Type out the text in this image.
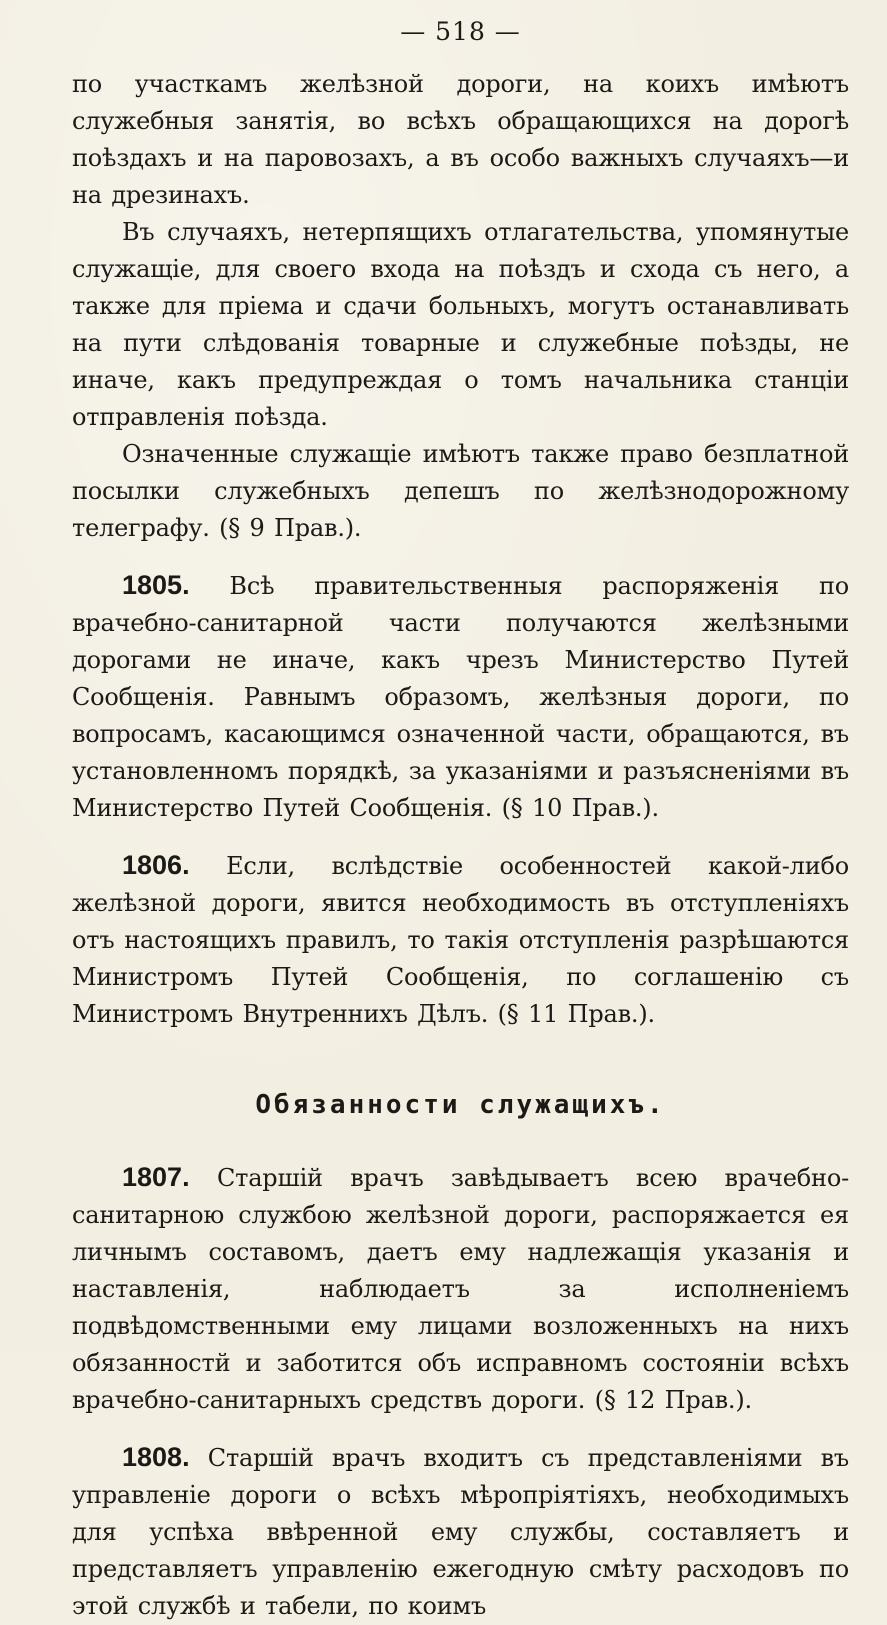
— 518 —

по участкамъ желѣзной дороги, на коихъ имѣютъ служебныя занятія, во всѣхъ обращающихся на дорогѣ поѣздахъ и на паровозахъ, а въ особо важныхъ случаяхъ—и на дрезинахъ.

Въ случаяхъ, нетерпящихъ отлагательства, упомянутые служащіе, для своего входа на поѣздъ и схода съ него, а также для пріема и сдачи больныхъ, могутъ останавливать на пути слѣдованія товарные и служебные поѣзды, не иначе, какъ предупреждая о томъ начальника станціи отправленія поѣзда.

Означенные служащіе имѣютъ также право безплатной посылки служебныхъ депешъ по желѣзнодорожному телеграфу. (§ 9 Прав.).

1805. Всѣ правительственныя распоряженія по врачебно-санитарной части получаются желѣзными дорогами не иначе, какъ чрезъ Министерство Путей Сообщенія. Равнымъ образомъ, желѣзныя дороги, по вопросамъ, касающимся означенной части, обращаются, въ установленномъ порядкѣ, за указаніями и разъясненіями въ Министерство Путей Сообщенія. (§ 10 Прав.).

1806. Если, вслѣдствіе особенностей какой-либо желѣзной дороги, явится необходимость въ отступленіяхъ отъ настоящихъ правилъ, то такія отступленія разрѣшаются Министромъ Путей Сообщенія, по соглашенію съ Министромъ Внутреннихъ Дѣлъ. (§ 11 Прав.).

Обязанности служащихъ.

1807. Старшій врачъ завѣдываетъ всею врачебно-санитарною службою желѣзной дороги, распоряжается ея личнымъ составомъ, даетъ ему надлежащія указанія и наставленія, наблюдаетъ за исполненіемъ подвѣдомственными ему лицами возложенныхъ на нихъ обязанностй и заботится объ исправномъ состояніи всѣхъ врачебно-санитарныхъ средствъ дороги. (§ 12 Прав.).

1808. Старшій врачъ входитъ съ представленіями въ управленіе дороги о всѣхъ мѣропріятіяхъ, необходимыхъ для успѣха ввѣренной ему службы, составляетъ и представляетъ управленію ежегодную смѣту расходовъ по этой службѣ и табели, по коимъ
